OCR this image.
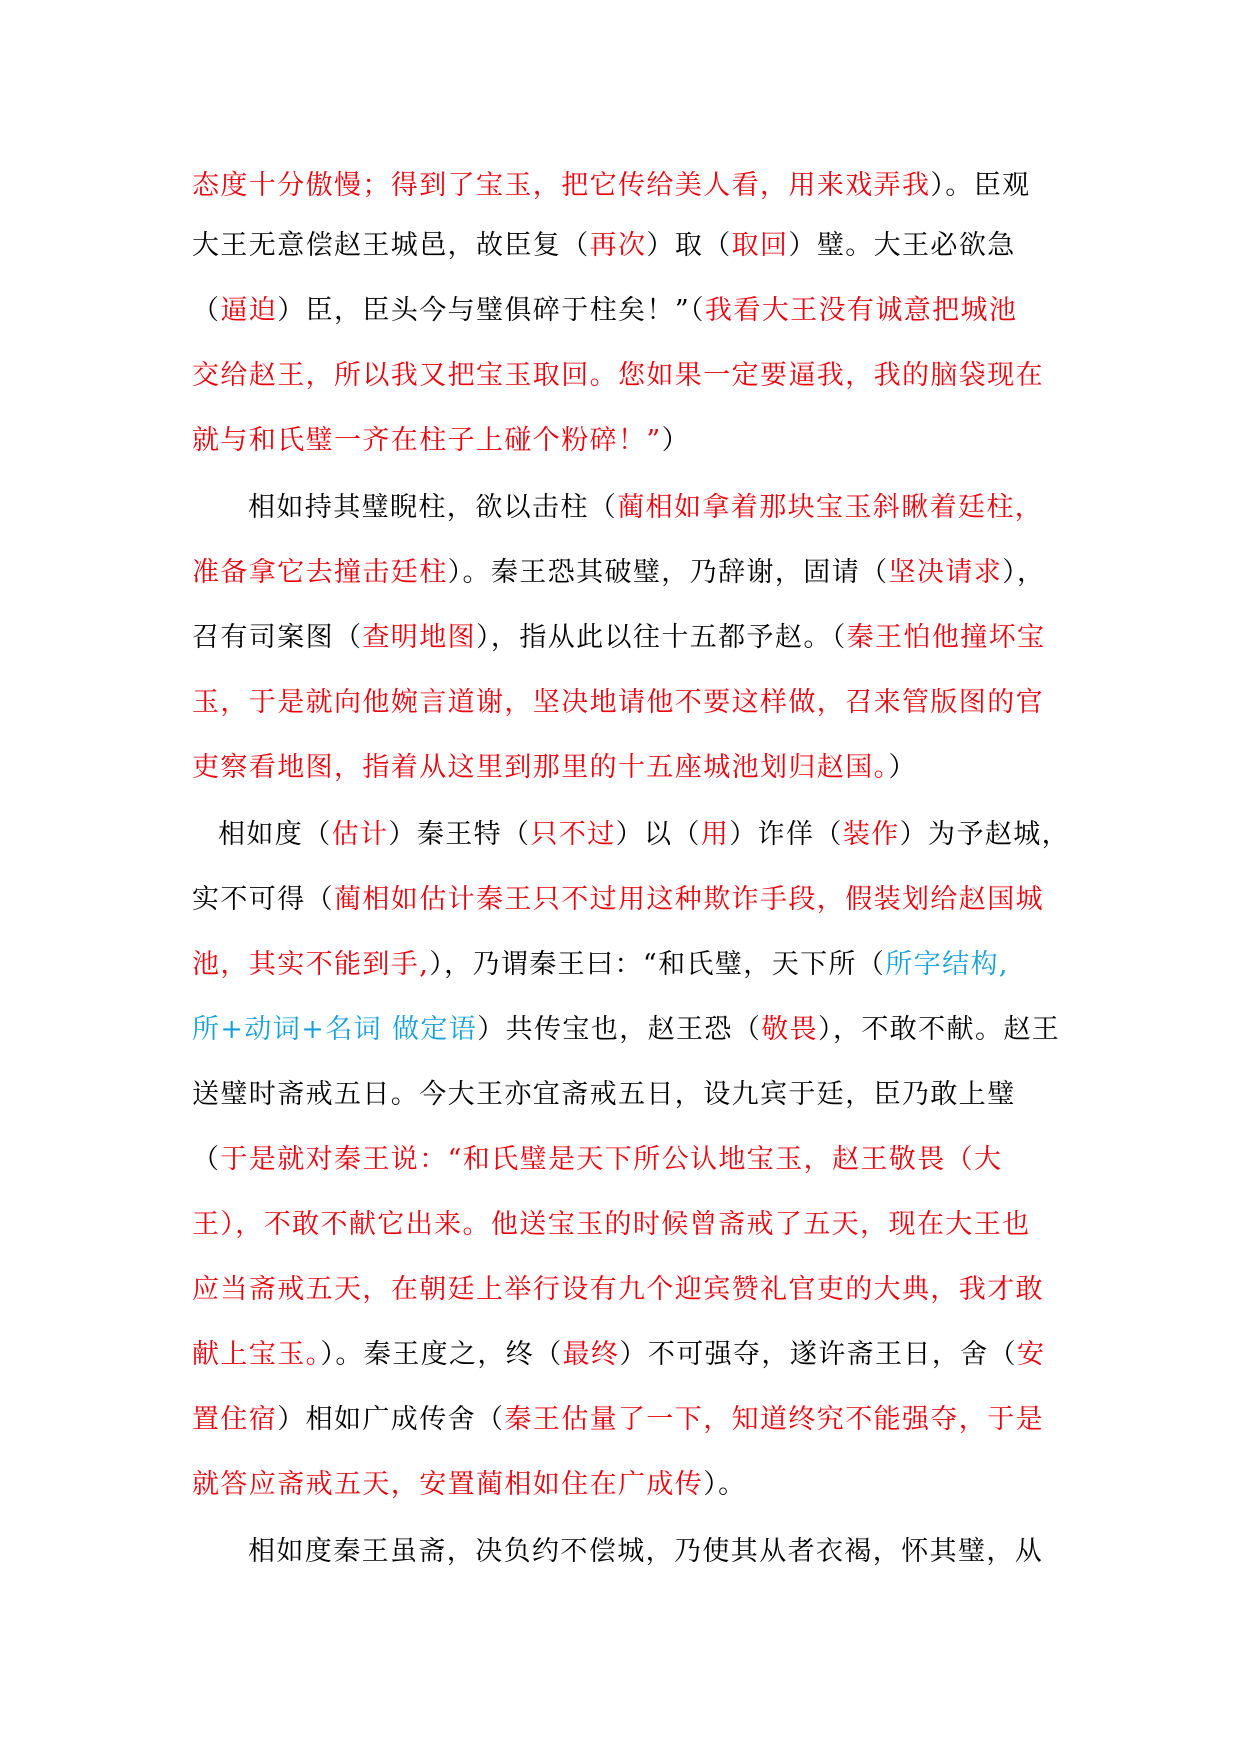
态度十分傲慢；得到了宝玉，把它传给美人看，用来戏弄我）。臣观
大王无意偿赵王城邑，故臣复（再次）取（取回）璧。大王必欲急
（逼迫）臣，臣头今与璧俱碎于柱矣！”（我看大王没有诚意把城池
交给赵王，所以我又把宝玉取回。您如果一定要逼我，我的脑袋现在
就与和氏璧一齐在柱子上碰个粉碎！”）
相如持其璧睨柱，欲以击柱（蔺相如拿着那块宝玉斜瞅着廷柱，
准备拿它去撞击廷柱）。秦王恐其破璧，乃辞谢，固请（坚决请求），
召有司案图（查明地图），指从此以往十五都予赵。（秦王怕他撞坏宝
玉，于是就向他婉言道谢，坚决地请他不要这样做，召来管版图的官
吏察看地图，指着从这里到那里的十五座城池划归赵国。）
相如度（估计）秦王特（只不过）以（用）诈佯（装作）为予赵城，
实不可得（蔺相如估计秦王只不过用这种欺诈手段，假装划给赵国城
池，其实不能到手,），乃谓秦王曰：“和氏璧，天下所（所字结构,
所+动词+名词 做定语）共传宝也，赵王恐（敬畏），不敢不献。赵王
送璧时斋戒五日。今大王亦宜斋戒五日，设九宾于廷，臣乃敢上璧
（于是就对秦王说：“和氏璧是天下所公认地宝玉，赵王敬畏（大
王），不敢不献它出来。他送宝玉的时候曾斋戒了五天，现在大王也
应当斋戒五天，在朝廷上举行设有九个迎宾赞礼官吏的大典，我才敢
献上宝玉。）。秦王度之，终（最终）不可强夺，遂许斋王日，舍（安
置住宿）相如广成传舍（秦王估量了一下，知道终究不能强夺，于是
就答应斋戒五天，安置蔺相如住在广成传）。
相如度秦王虽斋，决负约不偿城，乃使其从者衣褐，怀其璧，从
